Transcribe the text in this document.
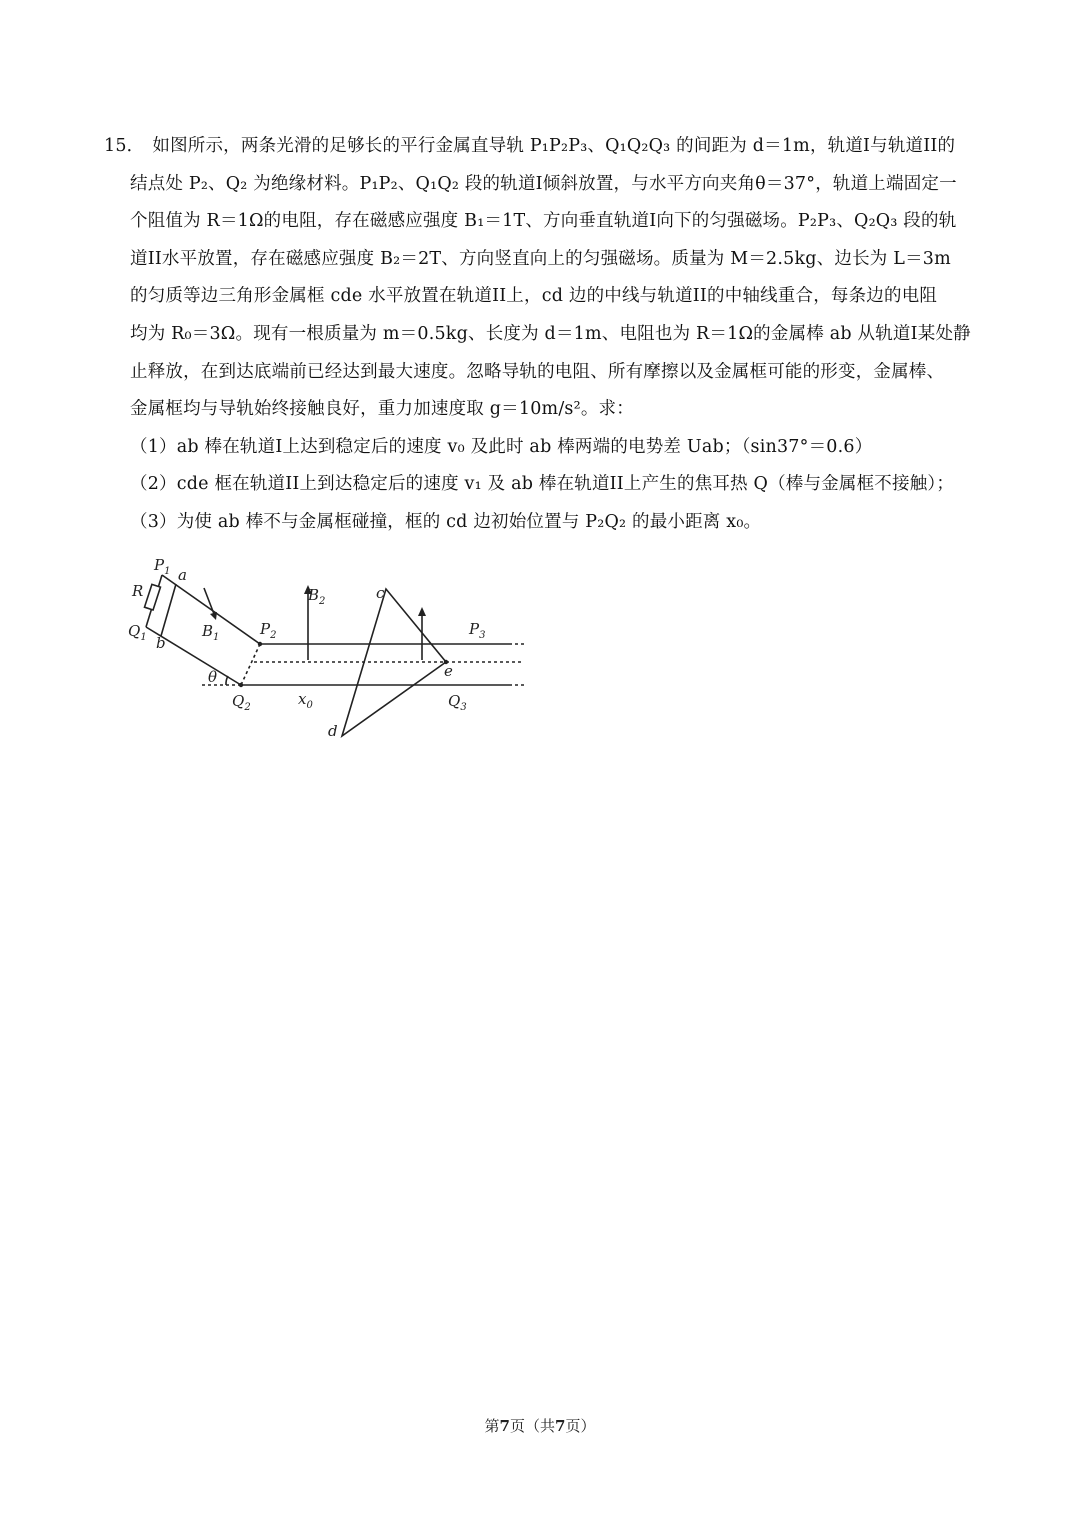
15． 如图所示，两条光滑的足够长的平行金属直导轨 P₁P₂P₃、Q₁Q₂Q₃ 的间距为 d＝1m，轨道I与轨道II的
结点处 P₂、Q₂ 为绝缘材料。P₁P₂、Q₁Q₂ 段的轨道I倾斜放置，与水平方向夹角θ＝37°，轨道上端固定一
个阻值为 R＝1Ω的电阻，存在磁感应强度 B₁＝1T、方向垂直轨道I向下的匀强磁场。P₂P₃、Q₂Q₃ 段的轨
道II水平放置，存在磁感应强度 B₂＝2T、方向竖直向上的匀强磁场。质量为 M＝2.5kg、边长为 L＝3m
的匀质等边三角形金属框 cde 水平放置在轨道II上，cd 边的中线与轨道II的中轴线重合，每条边的电阻
均为 R₀＝3Ω。现有一根质量为 m＝0.5kg、长度为 d＝1m、电阻也为 R＝1Ω的金属棒 ab 从轨道I某处静
止释放，在到达底端前已经达到最大速度。忽略导轨的电阻、所有摩擦以及金属框可能的形变，金属棒、
金属框均与导轨始终接触良好，重力加速度取 g＝10m/s²。求：
（1）ab 棒在轨道I上达到稳定后的速度 v₀ 及此时 ab 棒两端的电势差 Uab；（sin37°＝0.6）
（2）cde 框在轨道II上到达稳定后的速度 v₁ 及 ab 棒在轨道II上产生的焦耳热 Q（棒与金属框不接触）；
（3）为使 ab 棒不与金属框碰撞，框的 cd 边初始位置与 P₂Q₂ 的最小距离 x₀。
$P_1$ a
R
$Q_1$ b
$B_1$	$P_2$
$B_2$	c
$P_3$
e
θ
$Q_2$	$x_0$	$Q_3$
d
第7页（共7页）
